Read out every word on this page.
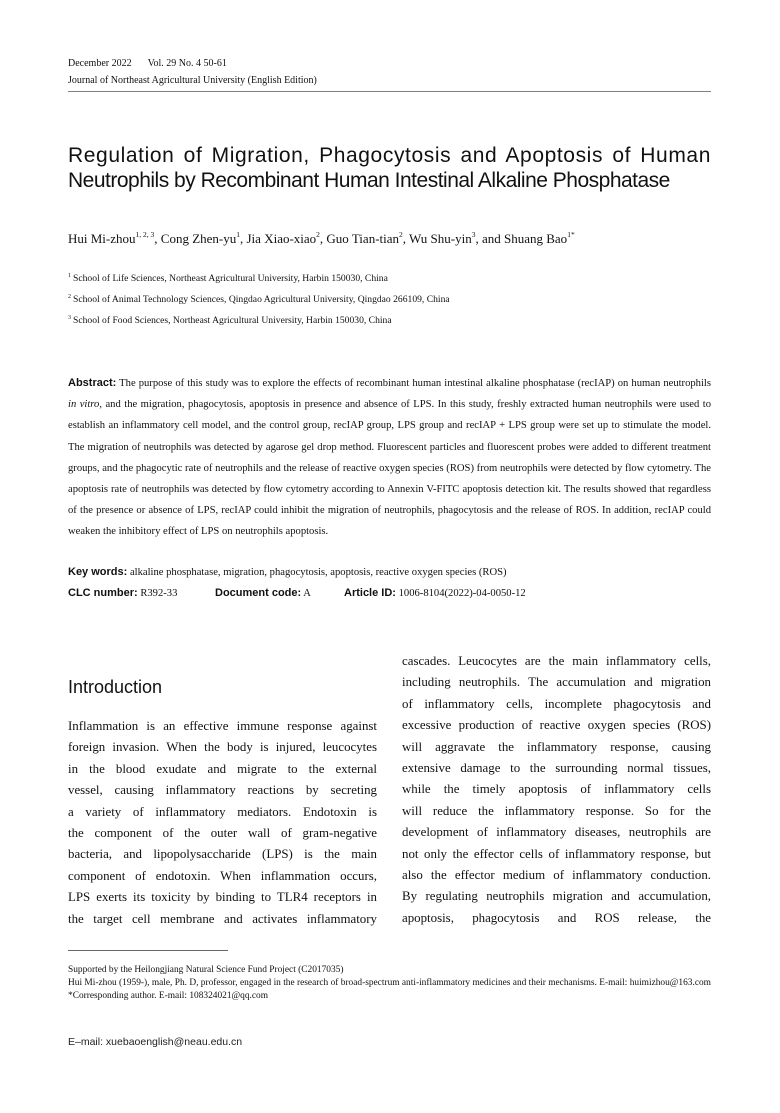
December 2022 Vol. 29 No. 4 50-61
Journal of Northeast Agricultural University (English Edition)
Regulation of Migration, Phagocytosis and Apoptosis of Human
Neutrophils by Recombinant Human Intestinal Alkaline Phosphatase
Hui Mi-zhou$^{1, 2, 3}$, Cong Zhen-$yu^1$, Jia Xiao-xiao$^2$, Guo Tian-tian$^2$, Wu Shu-yin$^3$, and Shuang Bao$^{1*}$
$^1$ School of Life Sciences, Northeast Agricultural University, Harbin 150030, China
$^2$ School of Animal Technology Sciences, Qingdao Agricultural University, Qingdao 266109, China
$^3$ School of Food Sciences, Northeast Agricultural University, Harbin 150030, China
Abstract: The purpose of this study was to explore the effects of recombinant human intestinal alkaline phosphatase (recIAP) on human neutrophils in vitro, and the migration, phagocytosis, apoptosis in presence and absence of LPS. In this study, freshly extracted human neutrophils were used to establish an inflammatory cell model, and the control group, recIAP group, LPS group and recIAP + LPS group were set up to stimulate the model. The migration of neutrophils was detected by agarose gel drop method. Fluorescent particles and fluorescent probes were added to different treatment groups, and the phagocytic rate of neutrophils and the release of reactive oxygen species (ROS) from neutrophils were detected by flow cytometry. The apoptosis rate of neutrophils was detected by flow cytometry according to Annexin V-FITC apoptosis detection kit. The results showed that regardless of the presence or absence of LPS, recIAP could inhibit the migration of neutrophils, phagocytosis and the release of ROS. In addition, recIAP could weaken the inhibitory effect of LPS on neutrophils apoptosis.
Key words: alkaline phosphatase, migration, phagocytosis, apoptosis, reactive oxygen species (ROS)
CLC number: R392-33	Document code: A	Article ID: 1006-8104(2022)-04-0050-12
Introduction
Inflammation is an effective immune response against
foreign invasion. When the body is injured, leucocytes
in the blood exudate and migrate to the external
vessel, causing inflammatory reactions by secreting
a variety of inflammatory mediators. Endotoxin is
the component of the outer wall of gram-negative
bacteria, and lipopolysaccharide (LPS) is the main
component of endotoxin. When inflammation occurs,
LPS exerts its toxicity by binding to TLR4 receptors in
the target cell membrane and activates inflammatory
cascades. Leucocytes are the main inflammatory cells,
including neutrophils. The accumulation and migration
of inflammatory cells, incomplete phagocytosis and
excessive production of reactive oxygen species (ROS)
will aggravate the inflammatory response, causing
extensive damage to the surrounding normal tissues,
while the timely apoptosis of inflammatory cells
will reduce the inflammatory response. So for the
development of inflammatory diseases, neutrophils are
not only the effector cells of inflammatory response, but
also the effector medium of inflammatory conduction.
By regulating neutrophils migration and accumulation,
apoptosis, phagocytosis and ROS release, the
Supported by the Heilongjiang Natural Science Fund Project (C2017035)
Hui Mi-zhou (1959-), male, Ph. D, professor, engaged in the research of broad-spectrum anti-inflammatory medicines and their mechanisms. E-mail: huimizhou@163.com
*Corresponding author. E-mail: 108324021@qq.com
E–mail: xuebaoenglish@neau.edu.cn
